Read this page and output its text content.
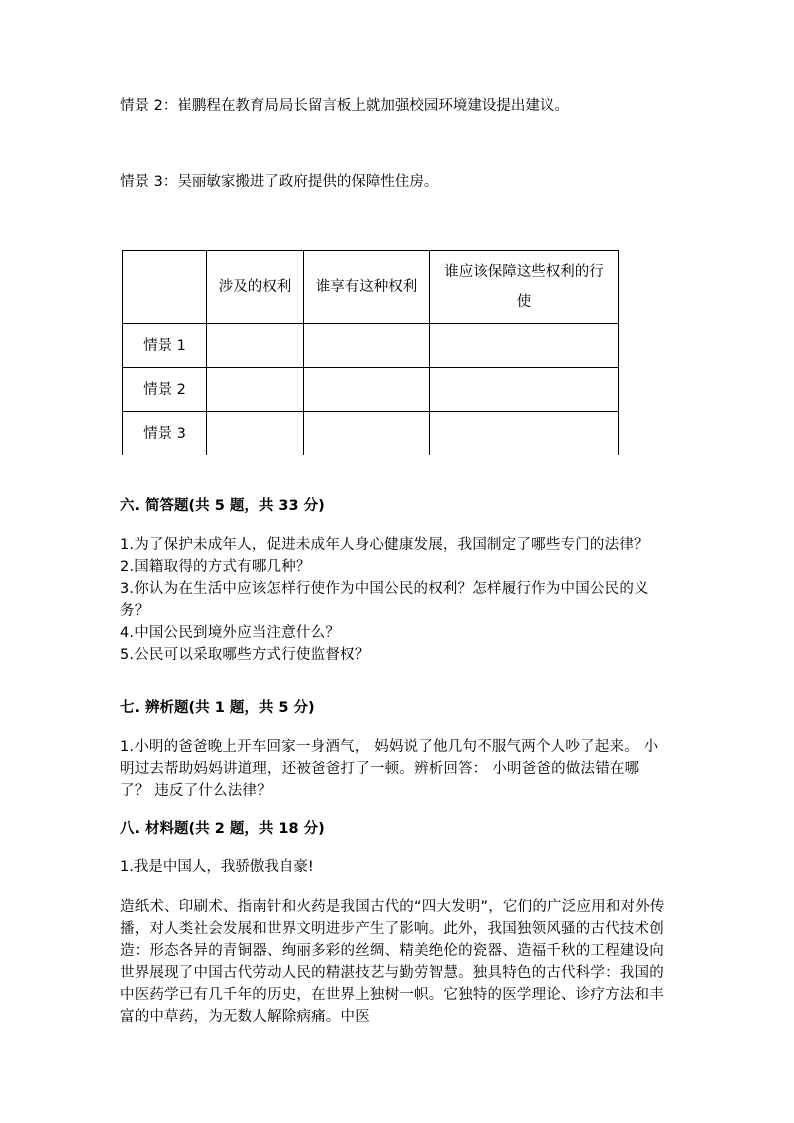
情景 2：崔鹏程在教育局局长留言板上就加强校园环境建设提出建议。
情景 3：吴丽敏家搬进了政府提供的保障性住房。
	涉及的权利	谁享有这种权利	谁应该保障这些权利的行使
情景 1			
情景 2			
情景 3			
六. 简答题(共 5 题，共 33 分)
1.为了保护未成年人，促进未成年人身心健康发展，我国制定了哪些专门的法律？
2.国籍取得的方式有哪几种？
3.你认为在生活中应该怎样行使作为中国公民的权利？怎样履行作为中国公民的义务？
4.中国公民到境外应当注意什么？
5.公民可以采取哪些方式行使监督权？
七. 辨析题(共 1 题，共 5 分)
1.小明的爸爸晚上开车回家一身酒气， 妈妈说了他几句不服气两个人吵了起来。 小明过去帮助妈妈讲道理，还被爸爸打了一顿。辨析回答： 小明爸爸的做法错在哪了？ 违反了什么法律？
八. 材料题(共 2 题，共 18 分)
1.我是中国人，我骄傲我自豪!
造纸术、印刷术、指南针和火药是我国古代的“四大发明”，它们的广泛应用和对外传播，对人类社会发展和世界文明进步产生了影响。此外，我国独领风骚的古代技术创造：形态各异的青铜器、绚丽多彩的丝绸、精美绝伦的瓷器、造福千秋的工程建设向世界展现了中国古代劳动人民的精湛技艺与勤劳智慧。独具特色的古代科学：我国的中医药学已有几千年的历史，在世界上独树一帜。它独特的医学理论、诊疗方法和丰富的中草药，为无数人解除病痛。中医
